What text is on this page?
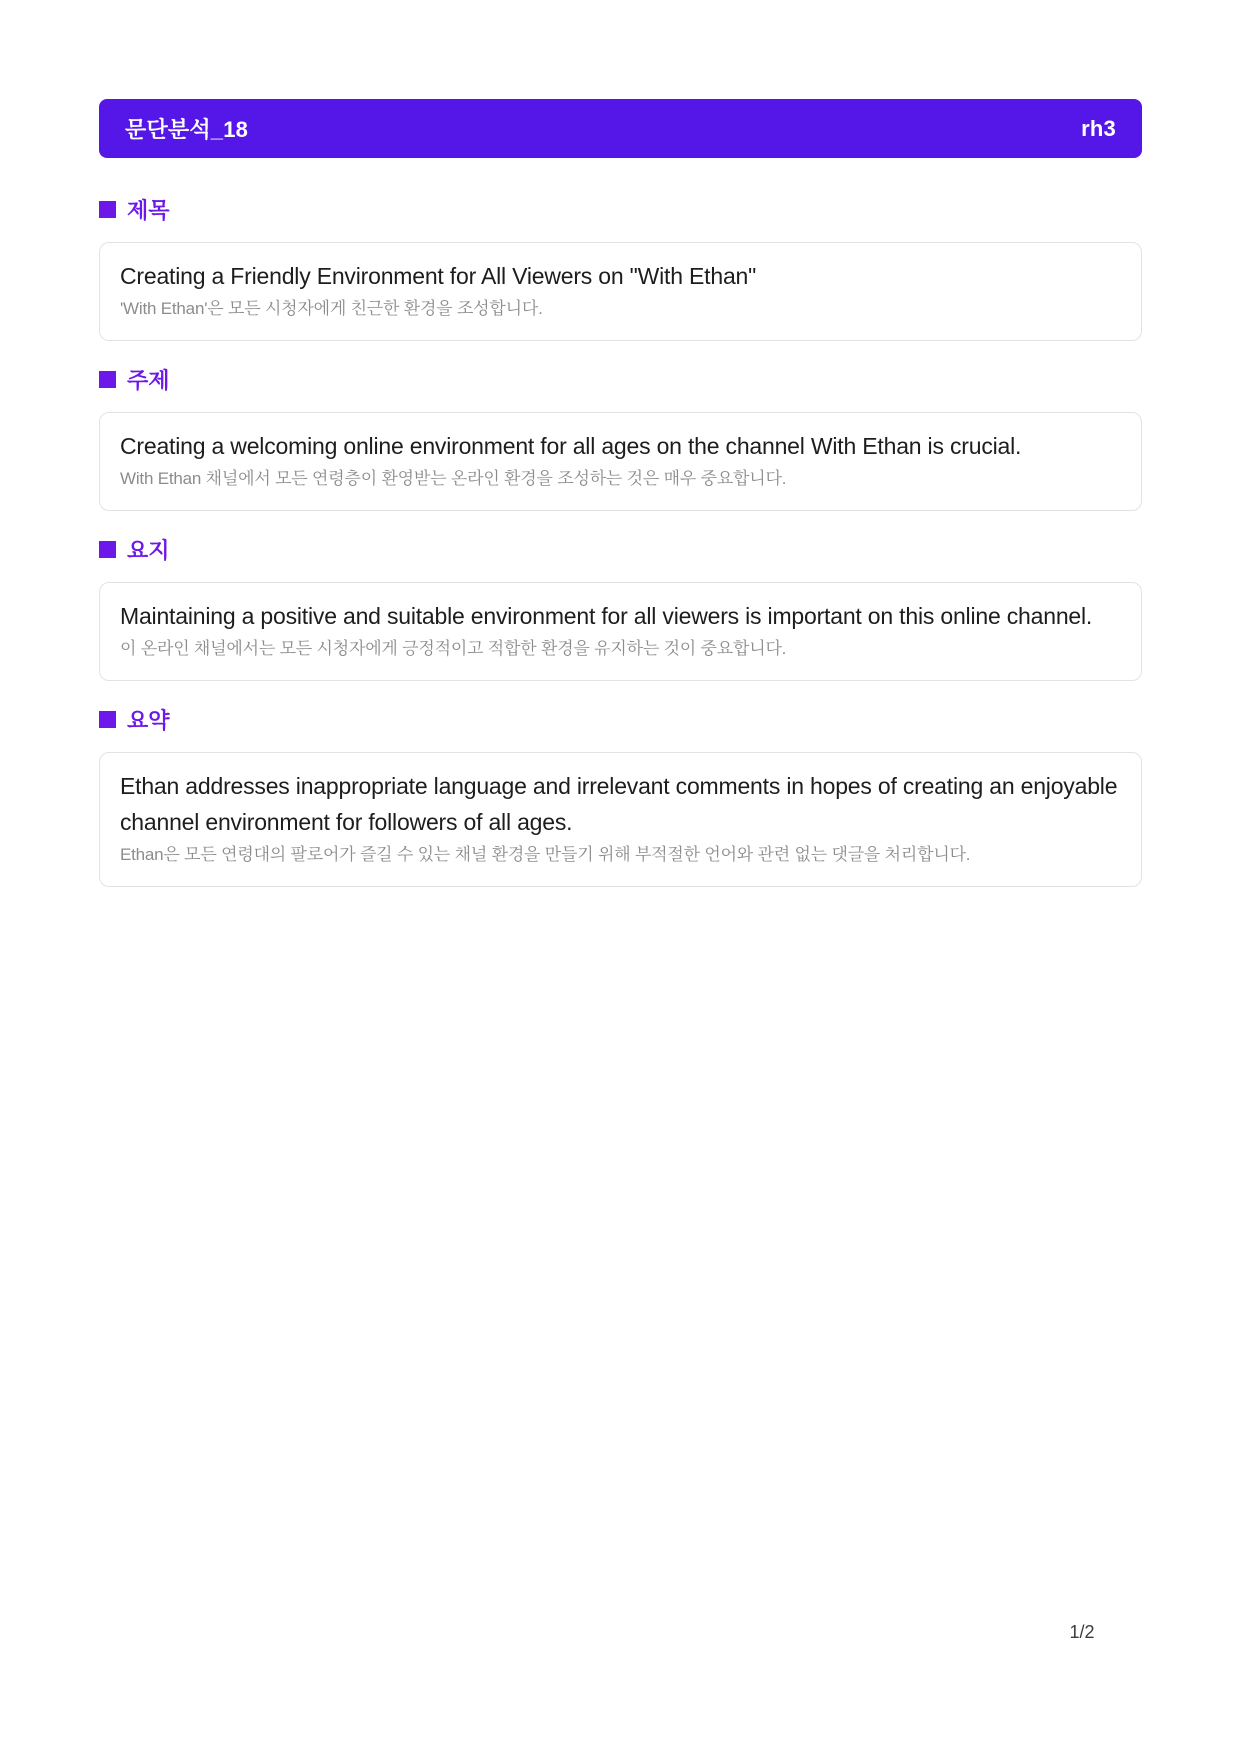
문단분석_18	rh3
제목
Creating a Friendly Environment for All Viewers on "With Ethan"
'With Ethan'은 모든 시청자에게 친근한 환경을 조성합니다.
주제
Creating a welcoming online environment for all ages on the channel With Ethan is crucial.
With Ethan 채널에서 모든 연령층이 환영받는 온라인 환경을 조성하는 것은 매우 중요합니다.
요지
Maintaining a positive and suitable environment for all viewers is important on this online channel.
이 온라인 채널에서는 모든 시청자에게 긍정적이고 적합한 환경을 유지하는 것이 중요합니다.
요약
Ethan addresses inappropriate language and irrelevant comments in hopes of creating an enjoyable channel environment for followers of all ages.
Ethan은 모든 연령대의 팔로어가 즐길 수 있는 채널 환경을 만들기 위해 부적절한 언어와 관련 없는 댓글을 처리합니다.
1/2
